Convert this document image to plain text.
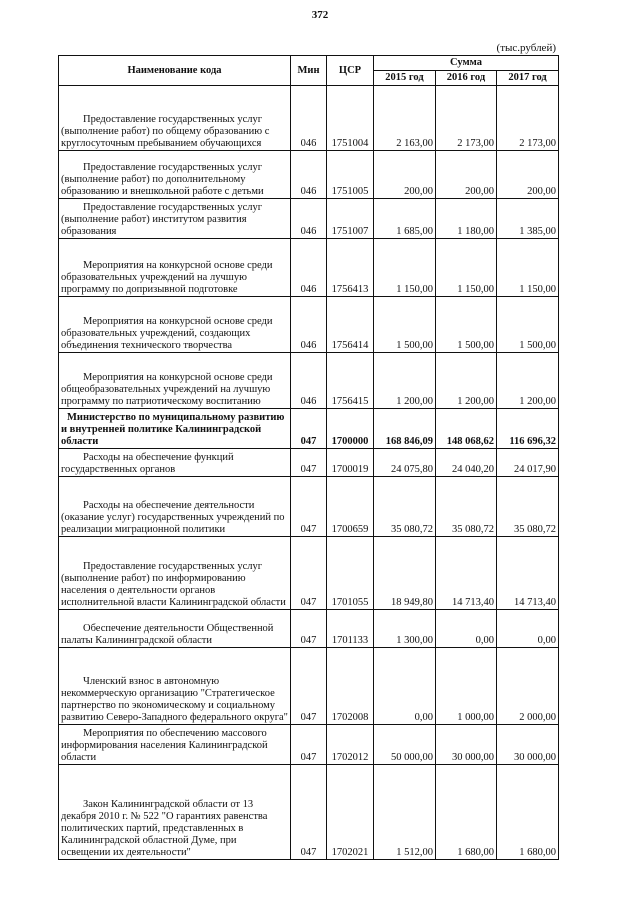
372
(тыс.рублей)
Наименование кода	Мин	ЦСР	Сумма		
			2015 год	2016 год	2017 год
Предоставление государственных услуг (выполнение работ) по общему образованию с круглосуточным пребыванием обучающихся	046	1751004	2 163,00	2 173,00	2 173,00
Предоставление государственных услуг (выполнение работ) по дополнительному образованию и внешкольной работе с детьми	046	1751005	200,00	200,00	200,00
Предоставление государственных услуг (выполнение работ) институтом развития образования	046	1751007	1 685,00	1 180,00	1 385,00
Мероприятия на конкурсной основе среди образовательных учреждений на лучшую программу по допризывной подготовке	046	1756413	1 150,00	1 150,00	1 150,00
Мероприятия на конкурсной основе среди образовательных учреждений, создающих объединения технического творчества	046	1756414	1 500,00	1 500,00	1 500,00
Мероприятия на конкурсной основе среди общеобразовательных учреждений на лучшую программу по патриотическому воспитанию	046	1756415	1 200,00	1 200,00	1 200,00
Министерство по муниципальному развитию и внутренней политике Калининградской области	047	1700000	168 846,09	148 068,62	116 696,32
Расходы на обеспечение функций государственных органов	047	1700019	24 075,80	24 040,20	24 017,90
Расходы на обеспечение деятельности (оказание услуг) государственных учреждений по реализации миграционной политики	047	1700659	35 080,72	35 080,72	35 080,72
Предоставление государственных услуг (выполнение работ) по информированию населения о деятельности органов исполнительной власти Калининградской области	047	1701055	18 949,80	14 713,40	14 713,40
Обеспечение деятельности Общественной палаты Калининградской области	047	1701133	1 300,00	0,00	0,00
Членский взнос в автономную некоммерческую организацию "Стратегическое партнерство по экономическому и социальному развитию Северо-Западного федерального округа"	047	1702008	0,00	1 000,00	2 000,00
Мероприятия по обеспечению массового информирования населения Калининградской области	047	1702012	50 000,00	30 000,00	30 000,00
Закон Калининградской области от 13 декабря 2010 г. № 522 "О гарантиях равенства политических партий, представленных в Калининградской областной Думе, при освещении их деятельности"	047	1702021	1 512,00	1 680,00	1 680,00
